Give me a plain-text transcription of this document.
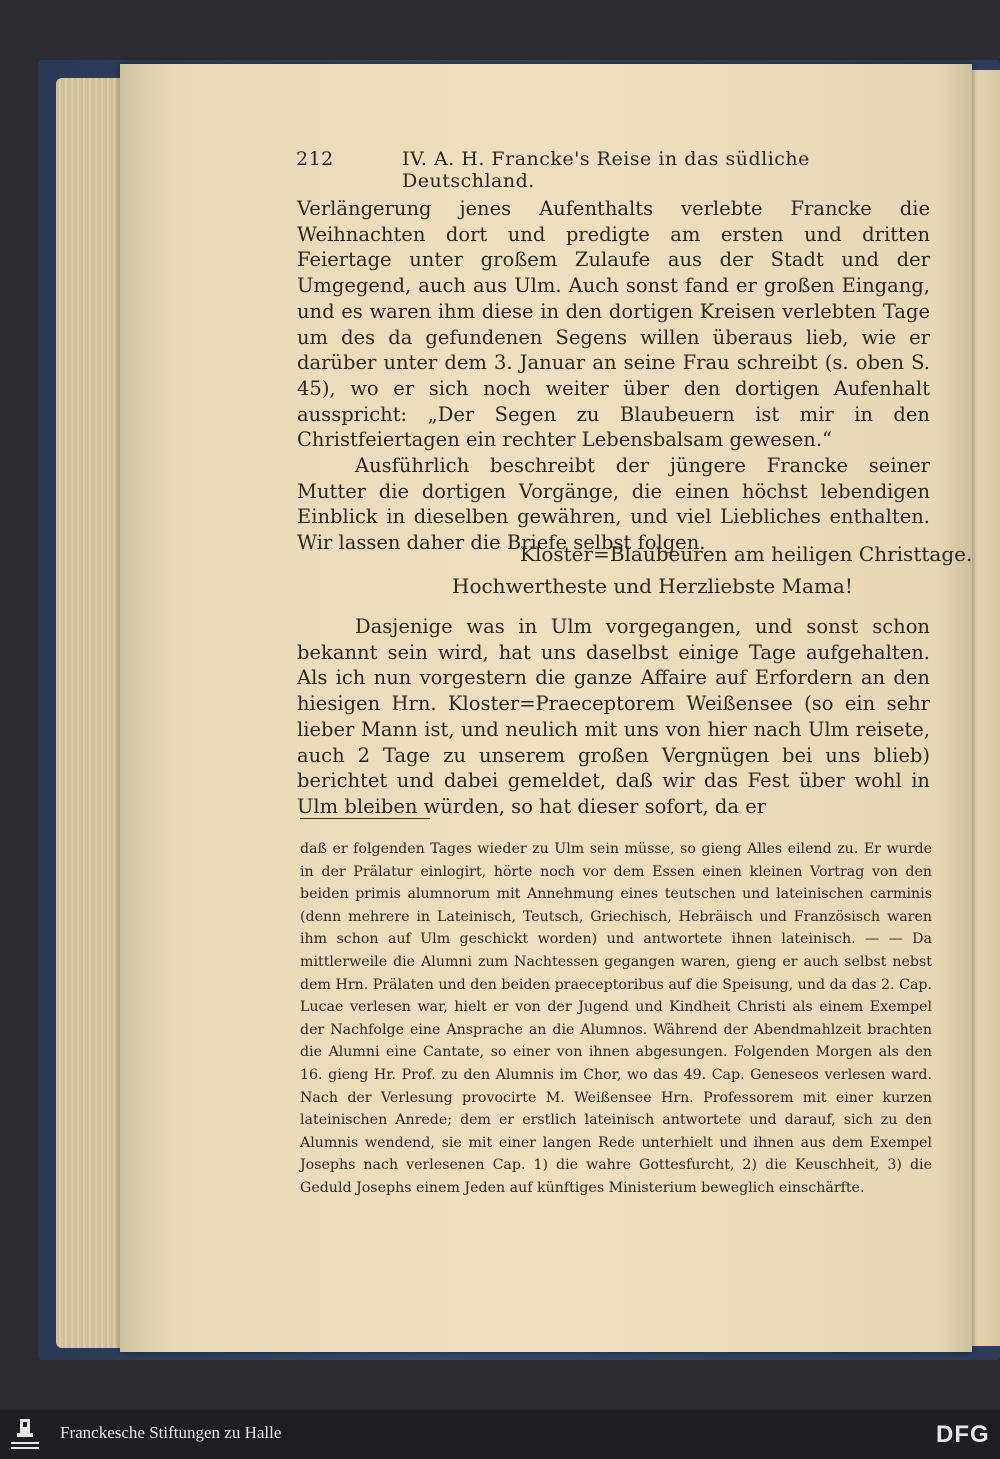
212	IV. A. H. Francke's Reise in das südliche Deutschland.

Verlängerung jenes Aufenthalts verlebte Francke die Weihnachten dort und predigte am ersten und dritten Feiertage unter großem Zulaufe aus der Stadt und der Umgegend, auch aus Ulm. Auch sonst fand er großen Eingang, und es waren ihm diese in den dortigen Kreisen verlebten Tage um des da gefundenen Segens willen überaus lieb, wie er darüber unter dem 3. Januar an seine Frau schreibt (s. oben S. 45), wo er sich noch weiter über den dortigen Aufenhalt ausspricht: „Der Segen zu Blaubeuern ist mir in den Christfeiertagen ein rechter Lebensbalsam gewesen.“

Ausführlich beschreibt der jüngere Francke seiner Mutter die dortigen Vorgänge, die einen höchst lebendigen Einblick in dieselben gewähren, und viel Liebliches enthalten. Wir lassen daher die Briefe selbst folgen.

Kloster=Blaubeuren am heiligen Christtage.
Hochwertheste und Herzliebste Mama!

Dasjenige was in Ulm vorgegangen, und sonst schon bekannt sein wird, hat uns daselbst einige Tage aufgehalten. Als ich nun vorgestern die ganze Affaire auf Erfordern an den hiesigen Hrn. Kloster=Praeceptorem Weißensee (so ein sehr lieber Mann ist, und neulich mit uns von hier nach Ulm reisete, auch 2 Tage zu unserem großen Vergnügen bei uns blieb) berichtet und dabei gemeldet, daß wir das Fest über wohl in Ulm bleiben würden, so hat dieser sofort, da er

daß er folgenden Tages wieder zu Ulm sein müsse, so gieng Alles eilend zu. Er wurde in der Prälatur einlogirt, hörte noch vor dem Essen einen kleinen Vortrag von den beiden primis alumnorum mit Annehmung eines teutschen und lateinischen carminis (denn mehrere in Lateinisch, Teutsch, Griechisch, Hebräisch und Französisch waren ihm schon auf Ulm geschickt worden) und antwortete ihnen lateinisch. — — Da mittlerweile die Alumni zum Nachtessen gegangen waren, gieng er auch selbst nebst dem Hrn. Prälaten und den beiden praeceptoribus auf die Speisung, und da das 2. Cap. Lucae verlesen war, hielt er von der Jugend und Kindheit Christi als einem Exempel der Nachfolge eine Ansprache an die Alumnos. Während der Abendmahlzeit brachten die Alumni eine Cantate, so einer von ihnen abgesungen. Folgenden Morgen als den 16. gieng Hr. Prof. zu den Alumnis im Chor, wo das 49. Cap. Geneseos verlesen ward. Nach der Verlesung provocirte M. Weißensee Hrn. Professorem mit einer kurzen lateinischen Anrede; dem er erstlich lateinisch antwortete und darauf, sich zu den Alumnis wendend, sie mit einer langen Rede unterhielt und ihnen aus dem Exempel Josephs nach verlesenen Cap. 1) die wahre Gottesfurcht, 2) die Keuschheit, 3) die Geduld Josephs einem Jeden auf künftiges Ministerium beweglich einschärfte.
Franckesche Stiftungen zu Halle	DFG
